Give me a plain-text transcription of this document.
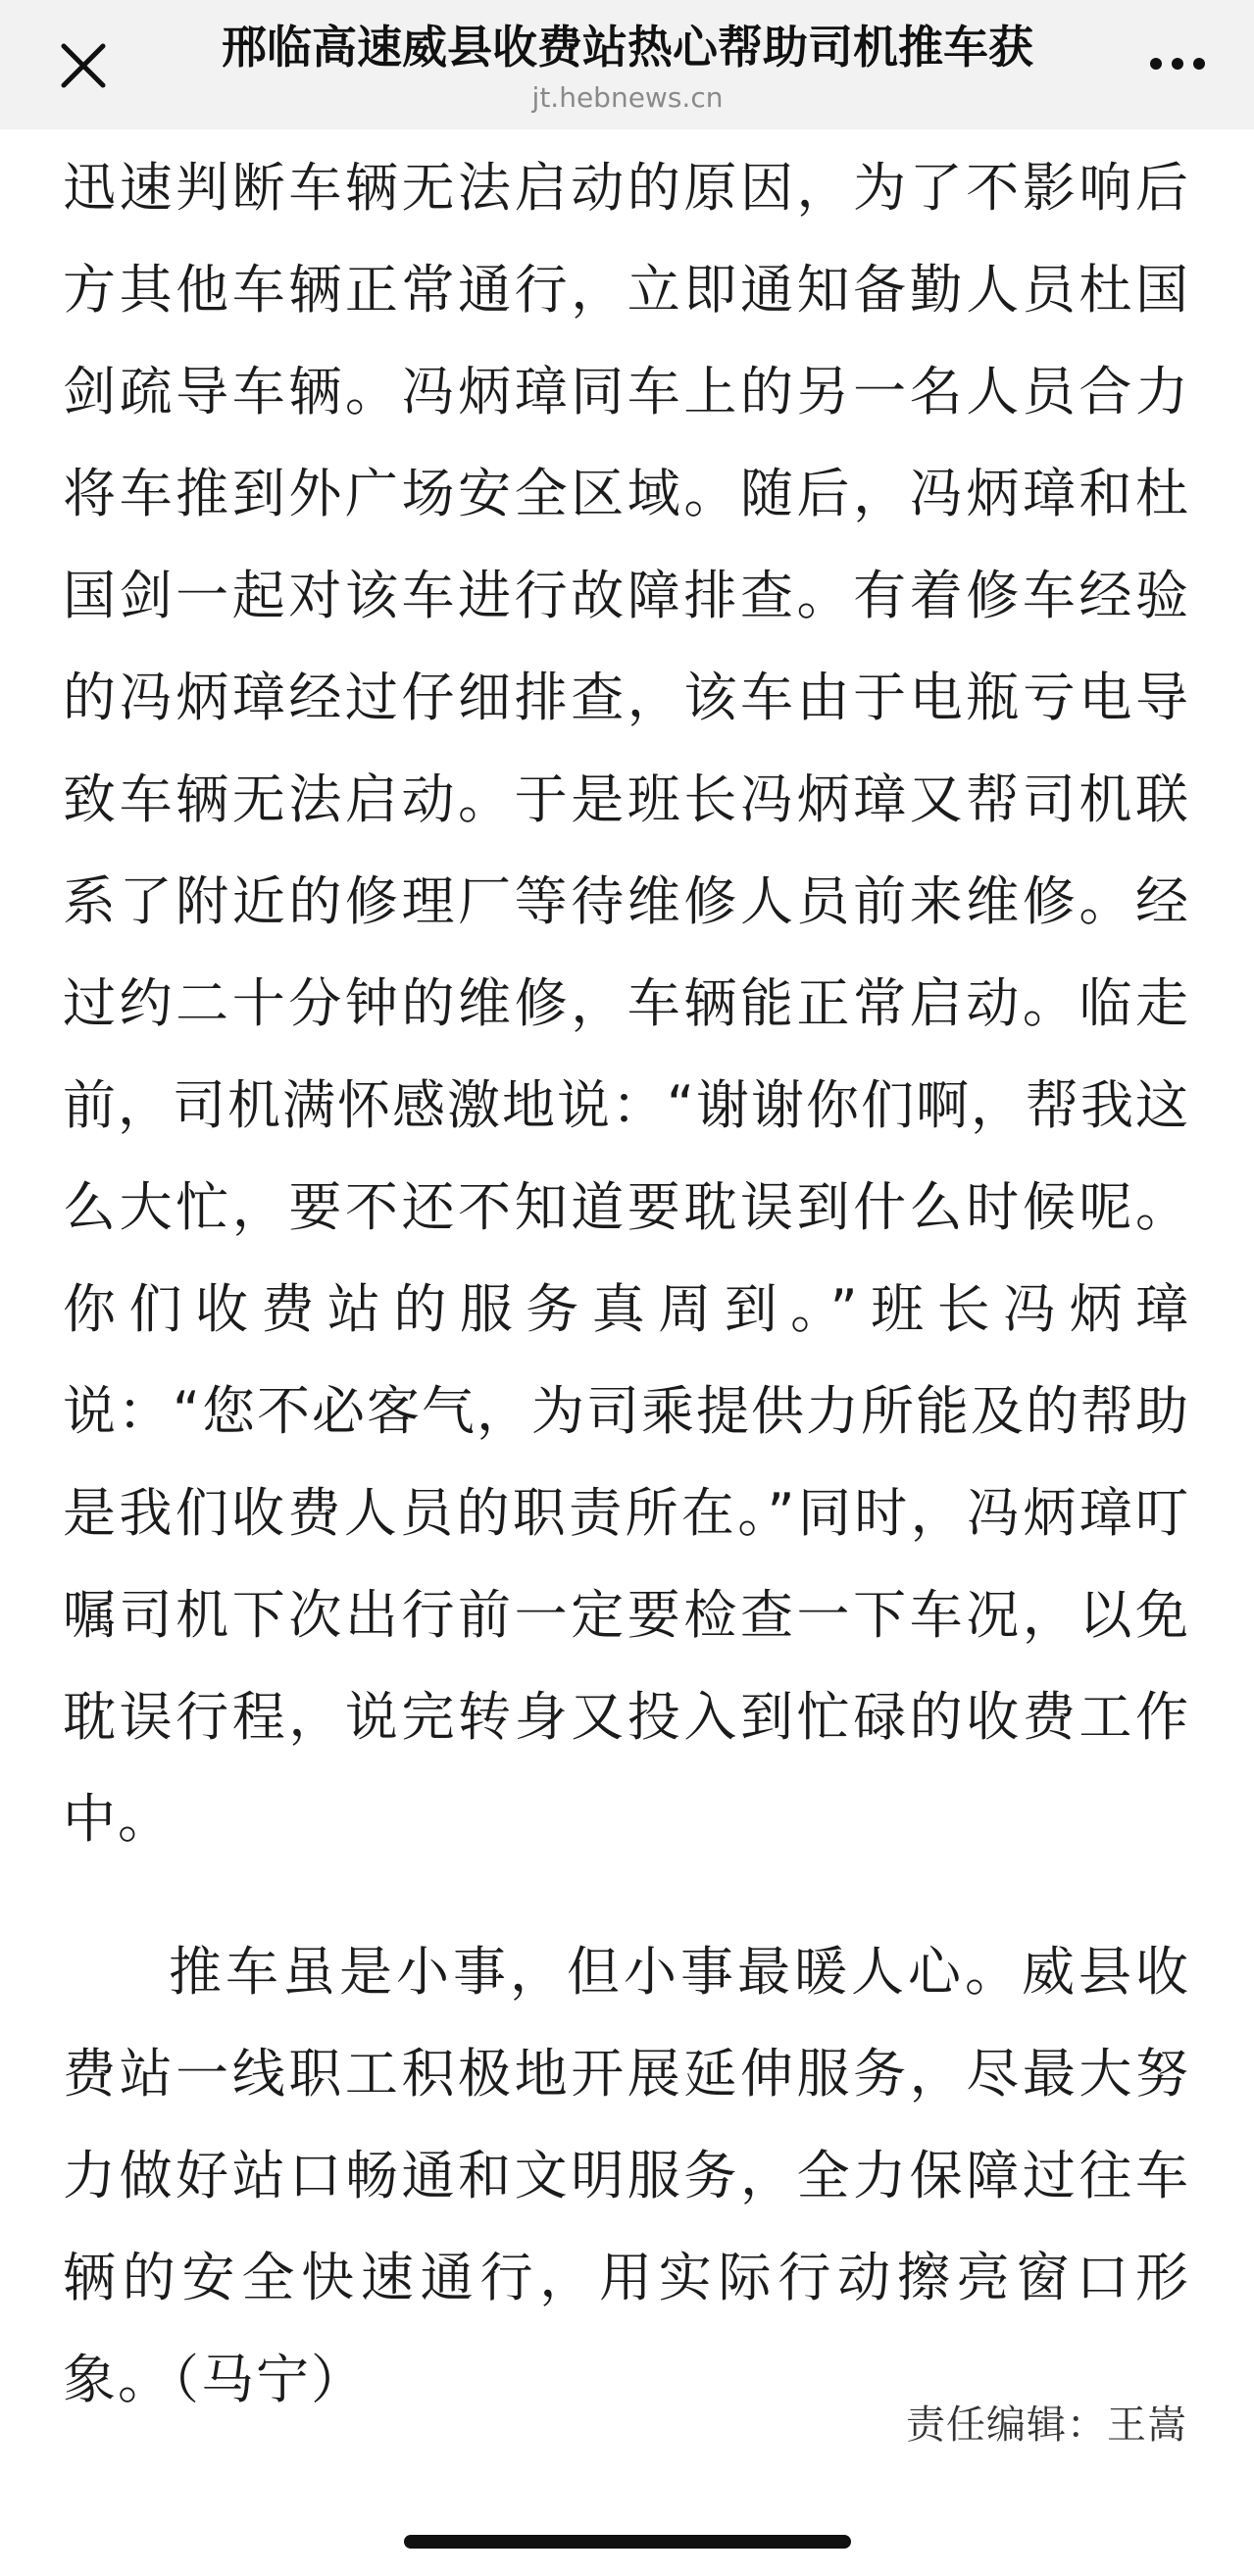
邢临高速威县收费站热心帮助司机推车获
jt.hebnews.cn

迅速判断车辆无法启动的原因，为了不影响后方其他车辆正常通行，立即通知备勤人员杜国剑疏导车辆。冯炳璋同车上的另一名人员合力将车推到外广场安全区域。随后，冯炳璋和杜国剑一起对该车进行故障排查。有着修车经验的冯炳璋经过仔细排查，该车由于电瓶亏电导致车辆无法启动。于是班长冯炳璋又帮司机联系了附近的修理厂等待维修人员前来维修。经过约二十分钟的维修，车辆能正常启动。临走前，司机满怀感激地说：“谢谢你们啊，帮我这么大忙，要不还不知道要耽误到什么时候呢。你们收费站的服务真周到。”班长冯炳璋说：“您不必客气，为司乘提供力所能及的帮助是我们收费人员的职责所在。”同时，冯炳璋叮嘱司机下次出行前一定要检查一下车况，以免耽误行程，说完转身又投入到忙碌的收费工作中。

推车虽是小事，但小事最暖人心。威县收费站一线职工积极地开展延伸服务，尽最大努力做好站口畅通和文明服务，全力保障过往车辆的安全快速通行，用实际行动擦亮窗口形象。（马宁）

责任编辑：王嵩
